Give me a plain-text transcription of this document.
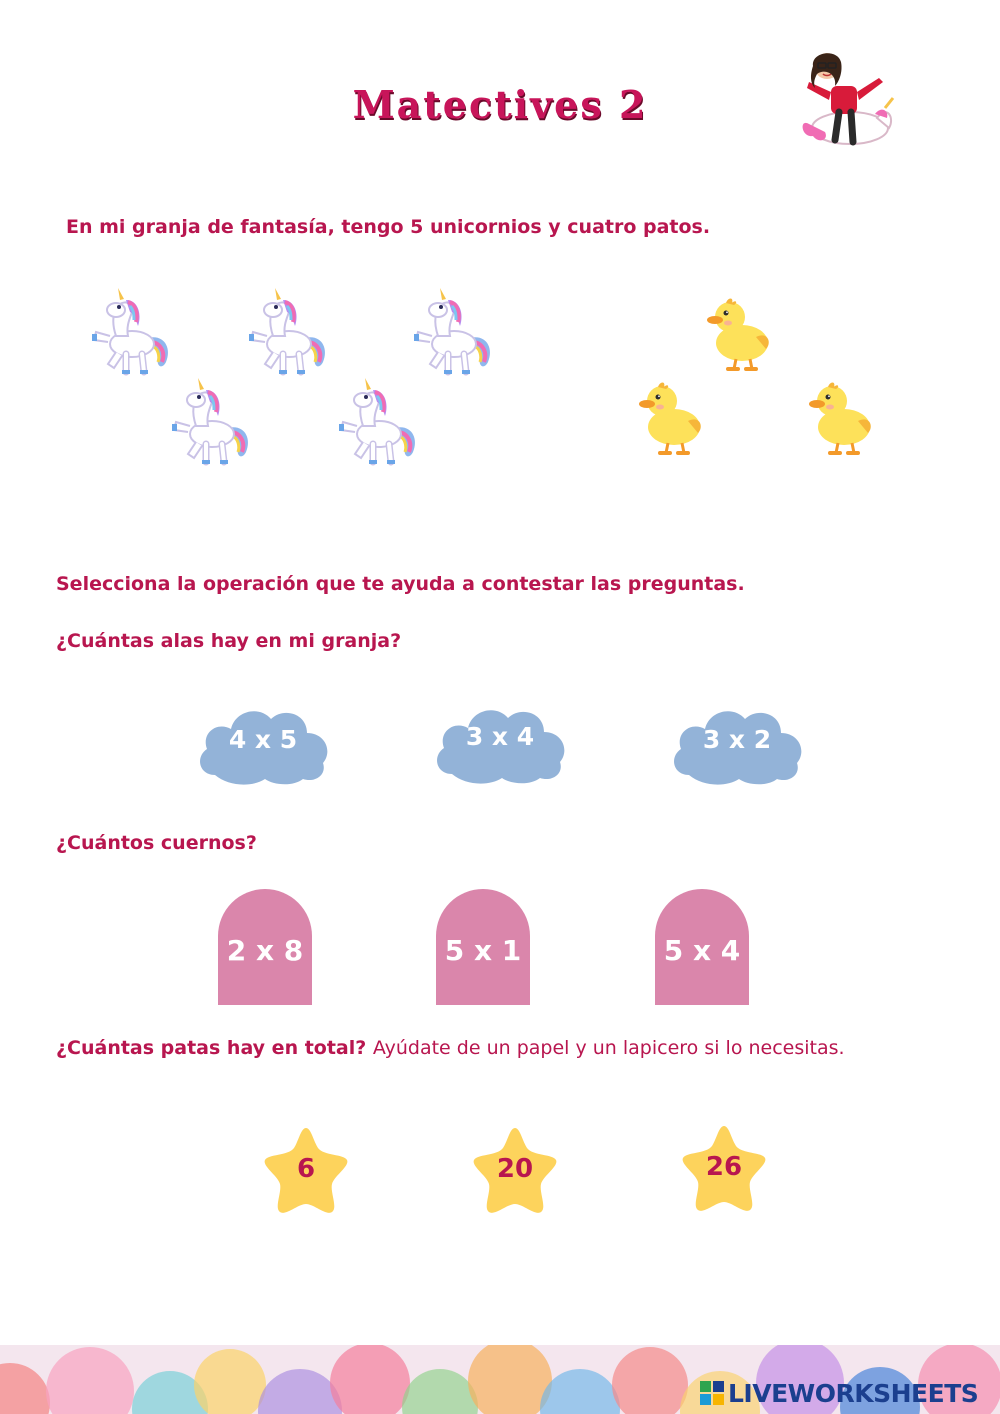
Matectives 2
En mi granja de fantasía, tengo 5 unicornios y cuatro patos.
Selecciona la operación que te ayuda a contestar las preguntas.
¿Cuántas alas hay en mi granja?
4 x 5	3 x 4	3 x 2
¿Cuántos cuernos?
2 x 8	5 x 1	5 x 4
¿Cuántas patas hay en total? Ayúdate de un papel y un lapicero si lo necesitas.
6	20	26
LIVEWORKSHEETS
